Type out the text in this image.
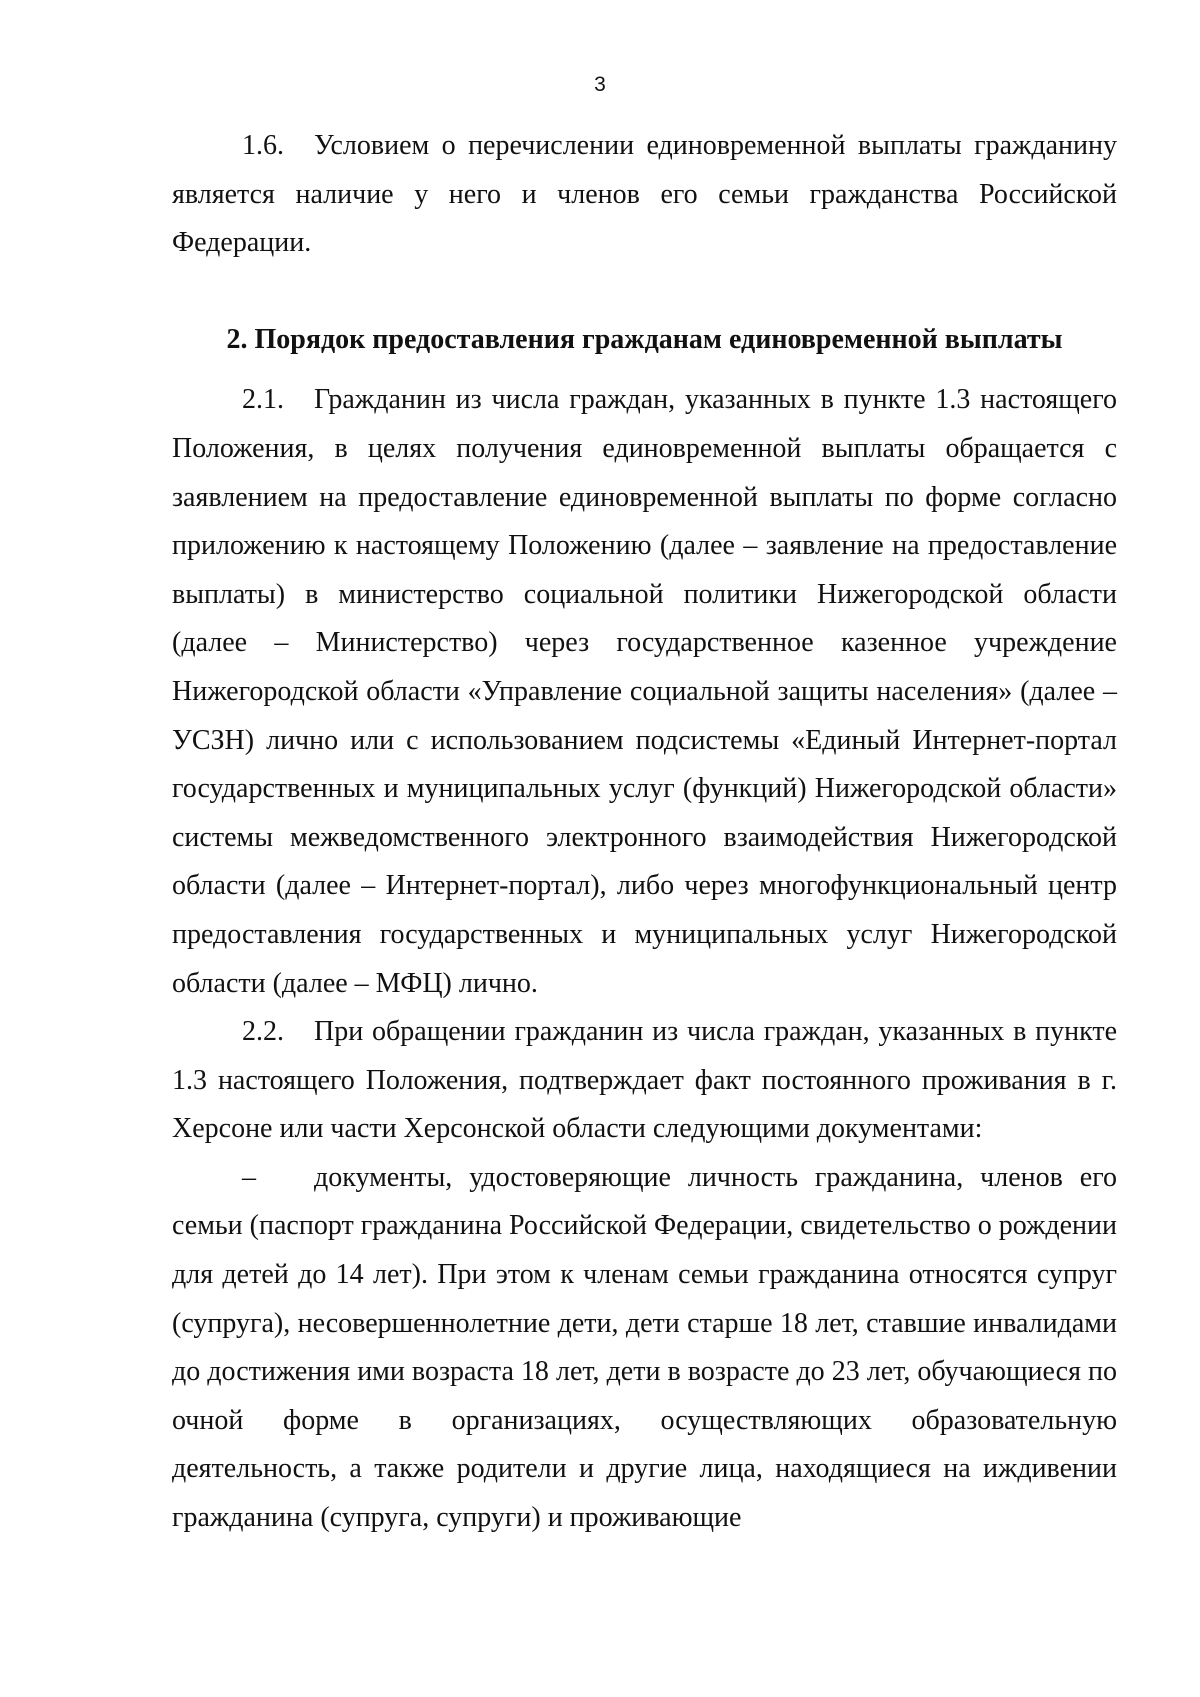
3

1.6. Условием о перечислении единовременной выплаты гражданину является наличие у него и членов его семьи гражданства Российской Федерации.

2. Порядок предоставления гражданам единовременной выплаты

2.1. Гражданин из числа граждан, указанных в пункте 1.3 настоящего Положения, в целях получения единовременной выплаты обращается с заявлением на предоставление единовременной выплаты по форме согласно приложению к настоящему Положению (далее – заявление на предоставление выплаты) в министерство социальной политики Нижегородской области (далее – Министерство) через государственное казенное учреждение Нижегородской области «Управление социальной защиты населения» (далее – УСЗН) лично или с использованием подсистемы «Единый Интернет-портал государственных и муниципальных услуг (функций) Нижегородской области» системы межведомственного электронного взаимодействия Нижегородской области (далее – Интернет-портал), либо через многофункциональный центр предоставления государственных и муниципальных услуг Нижегородской области (далее – МФЦ) лично.

2.2. При обращении гражданин из числа граждан, указанных в пункте 1.3 настоящего Положения, подтверждает факт постоянного проживания в г. Херсоне или части Херсонской области следующими документами:

– документы, удостоверяющие личность гражданина, членов его семьи (паспорт гражданина Российской Федерации, свидетельство о рождении для детей до 14 лет). При этом к членам семьи гражданина относятся супруг (супруга), несовершеннолетние дети, дети старше 18 лет, ставшие инвалидами до достижения ими возраста 18 лет, дети в возрасте до 23 лет, обучающиеся по очной форме в организациях, осуществляющих образовательную деятельность, а также родители и другие лица, находящиеся на иждивении гражданина (супруга, супруги) и проживающие
